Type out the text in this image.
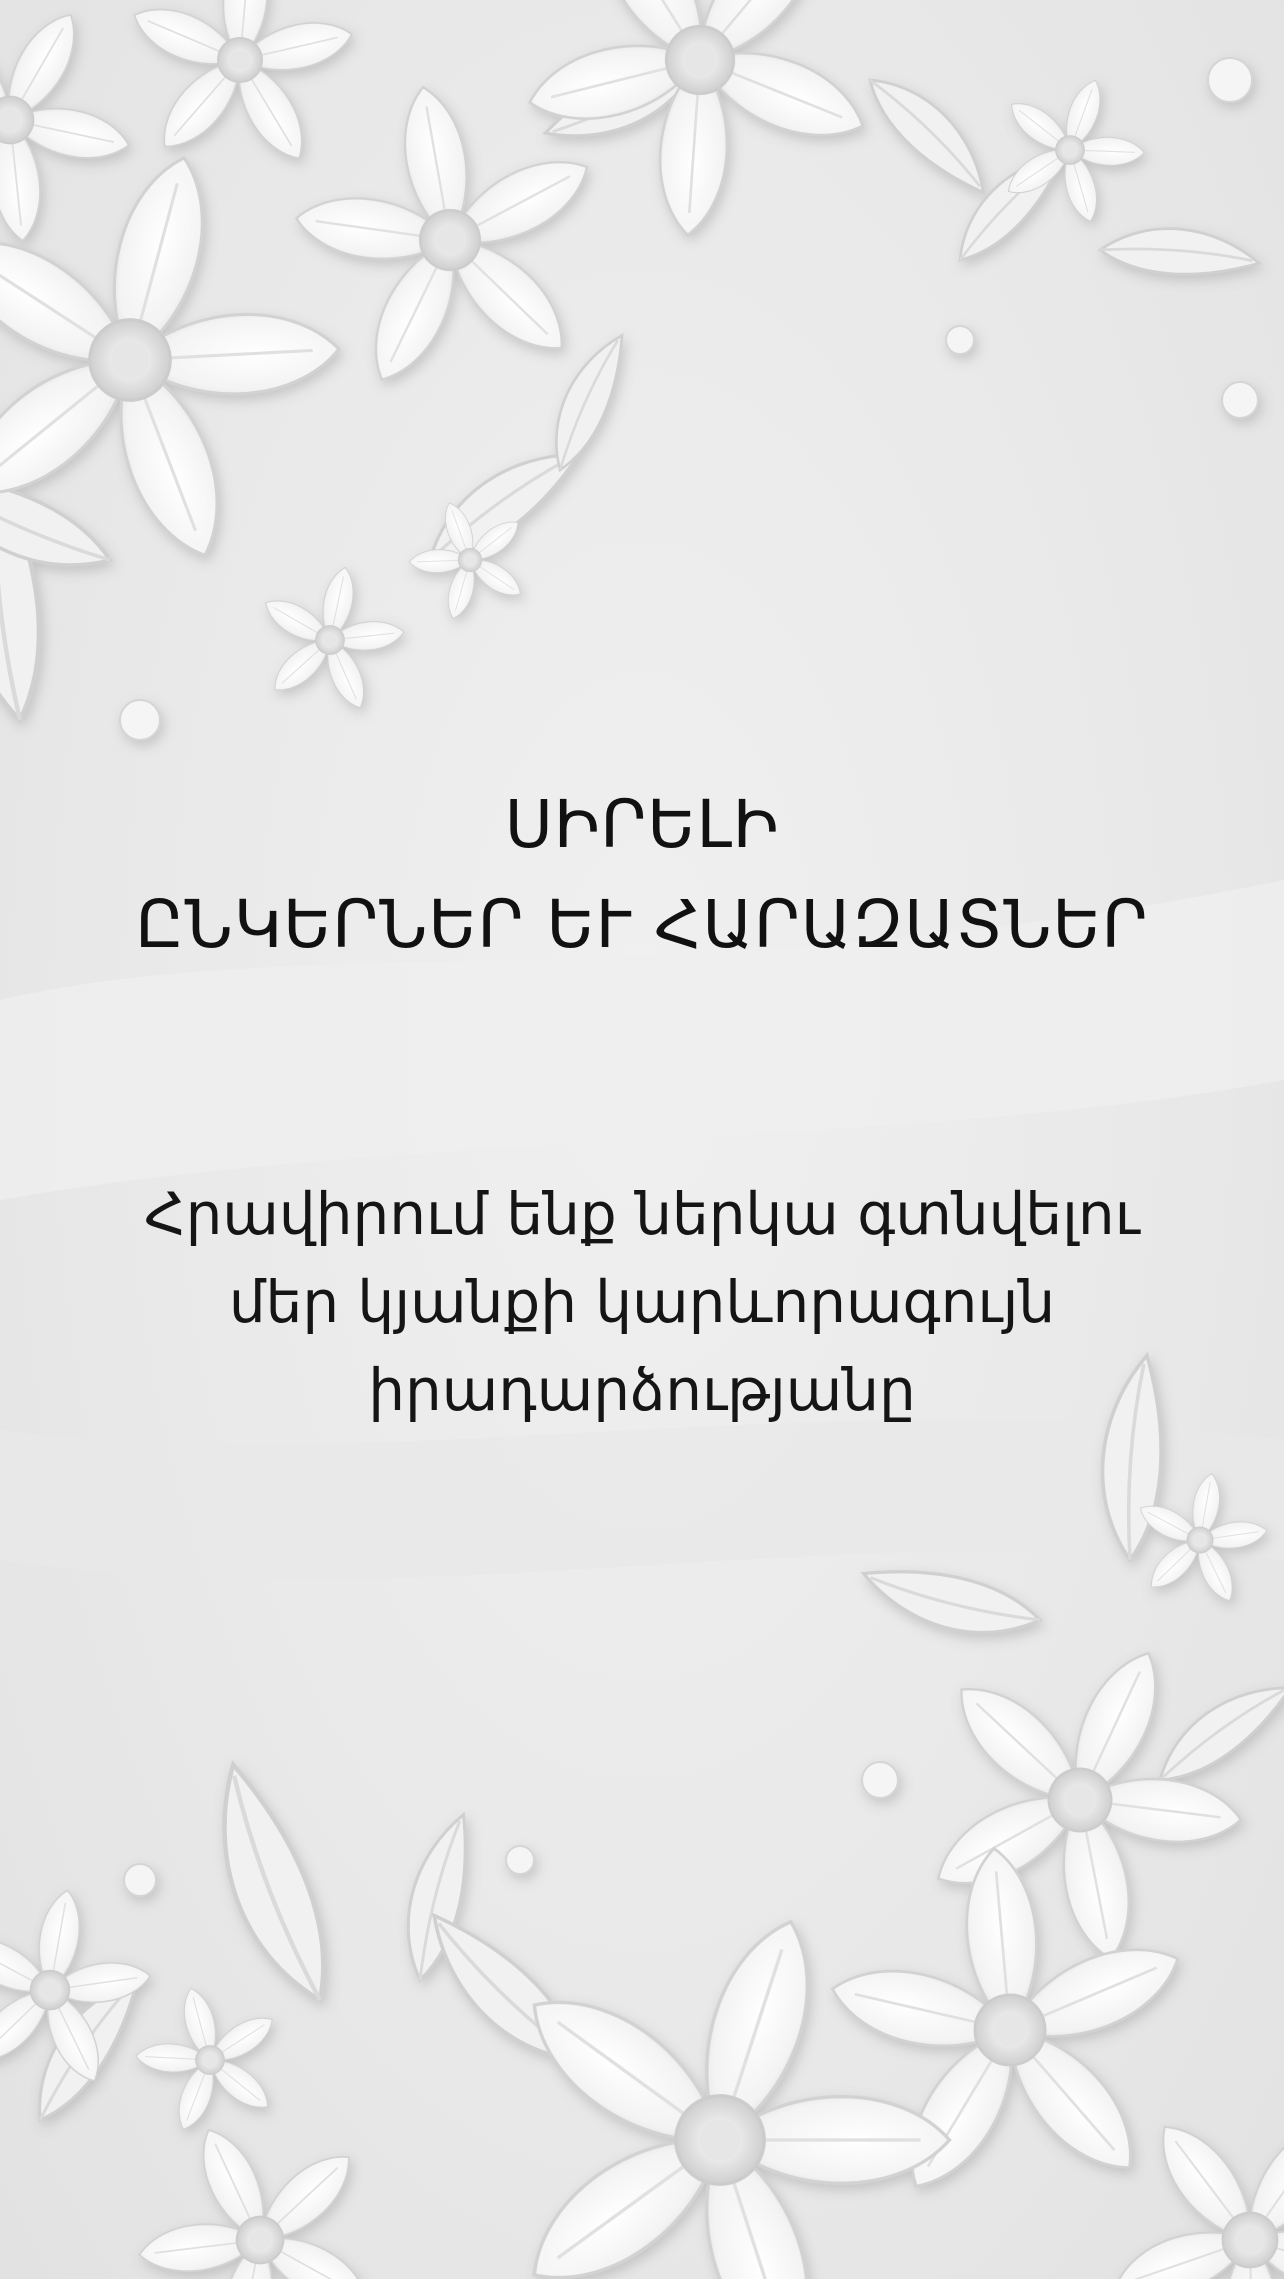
ՍԻՐԵԼԻ
ԸՆԿԵՐՆԵՐ ԵՒ ՀԱՐԱԶԱՏՆԵՐ
Հրավիրում ենք ներկա գտնվելու
մեր կյանքի կարևորագույն
իրադարձությանը
